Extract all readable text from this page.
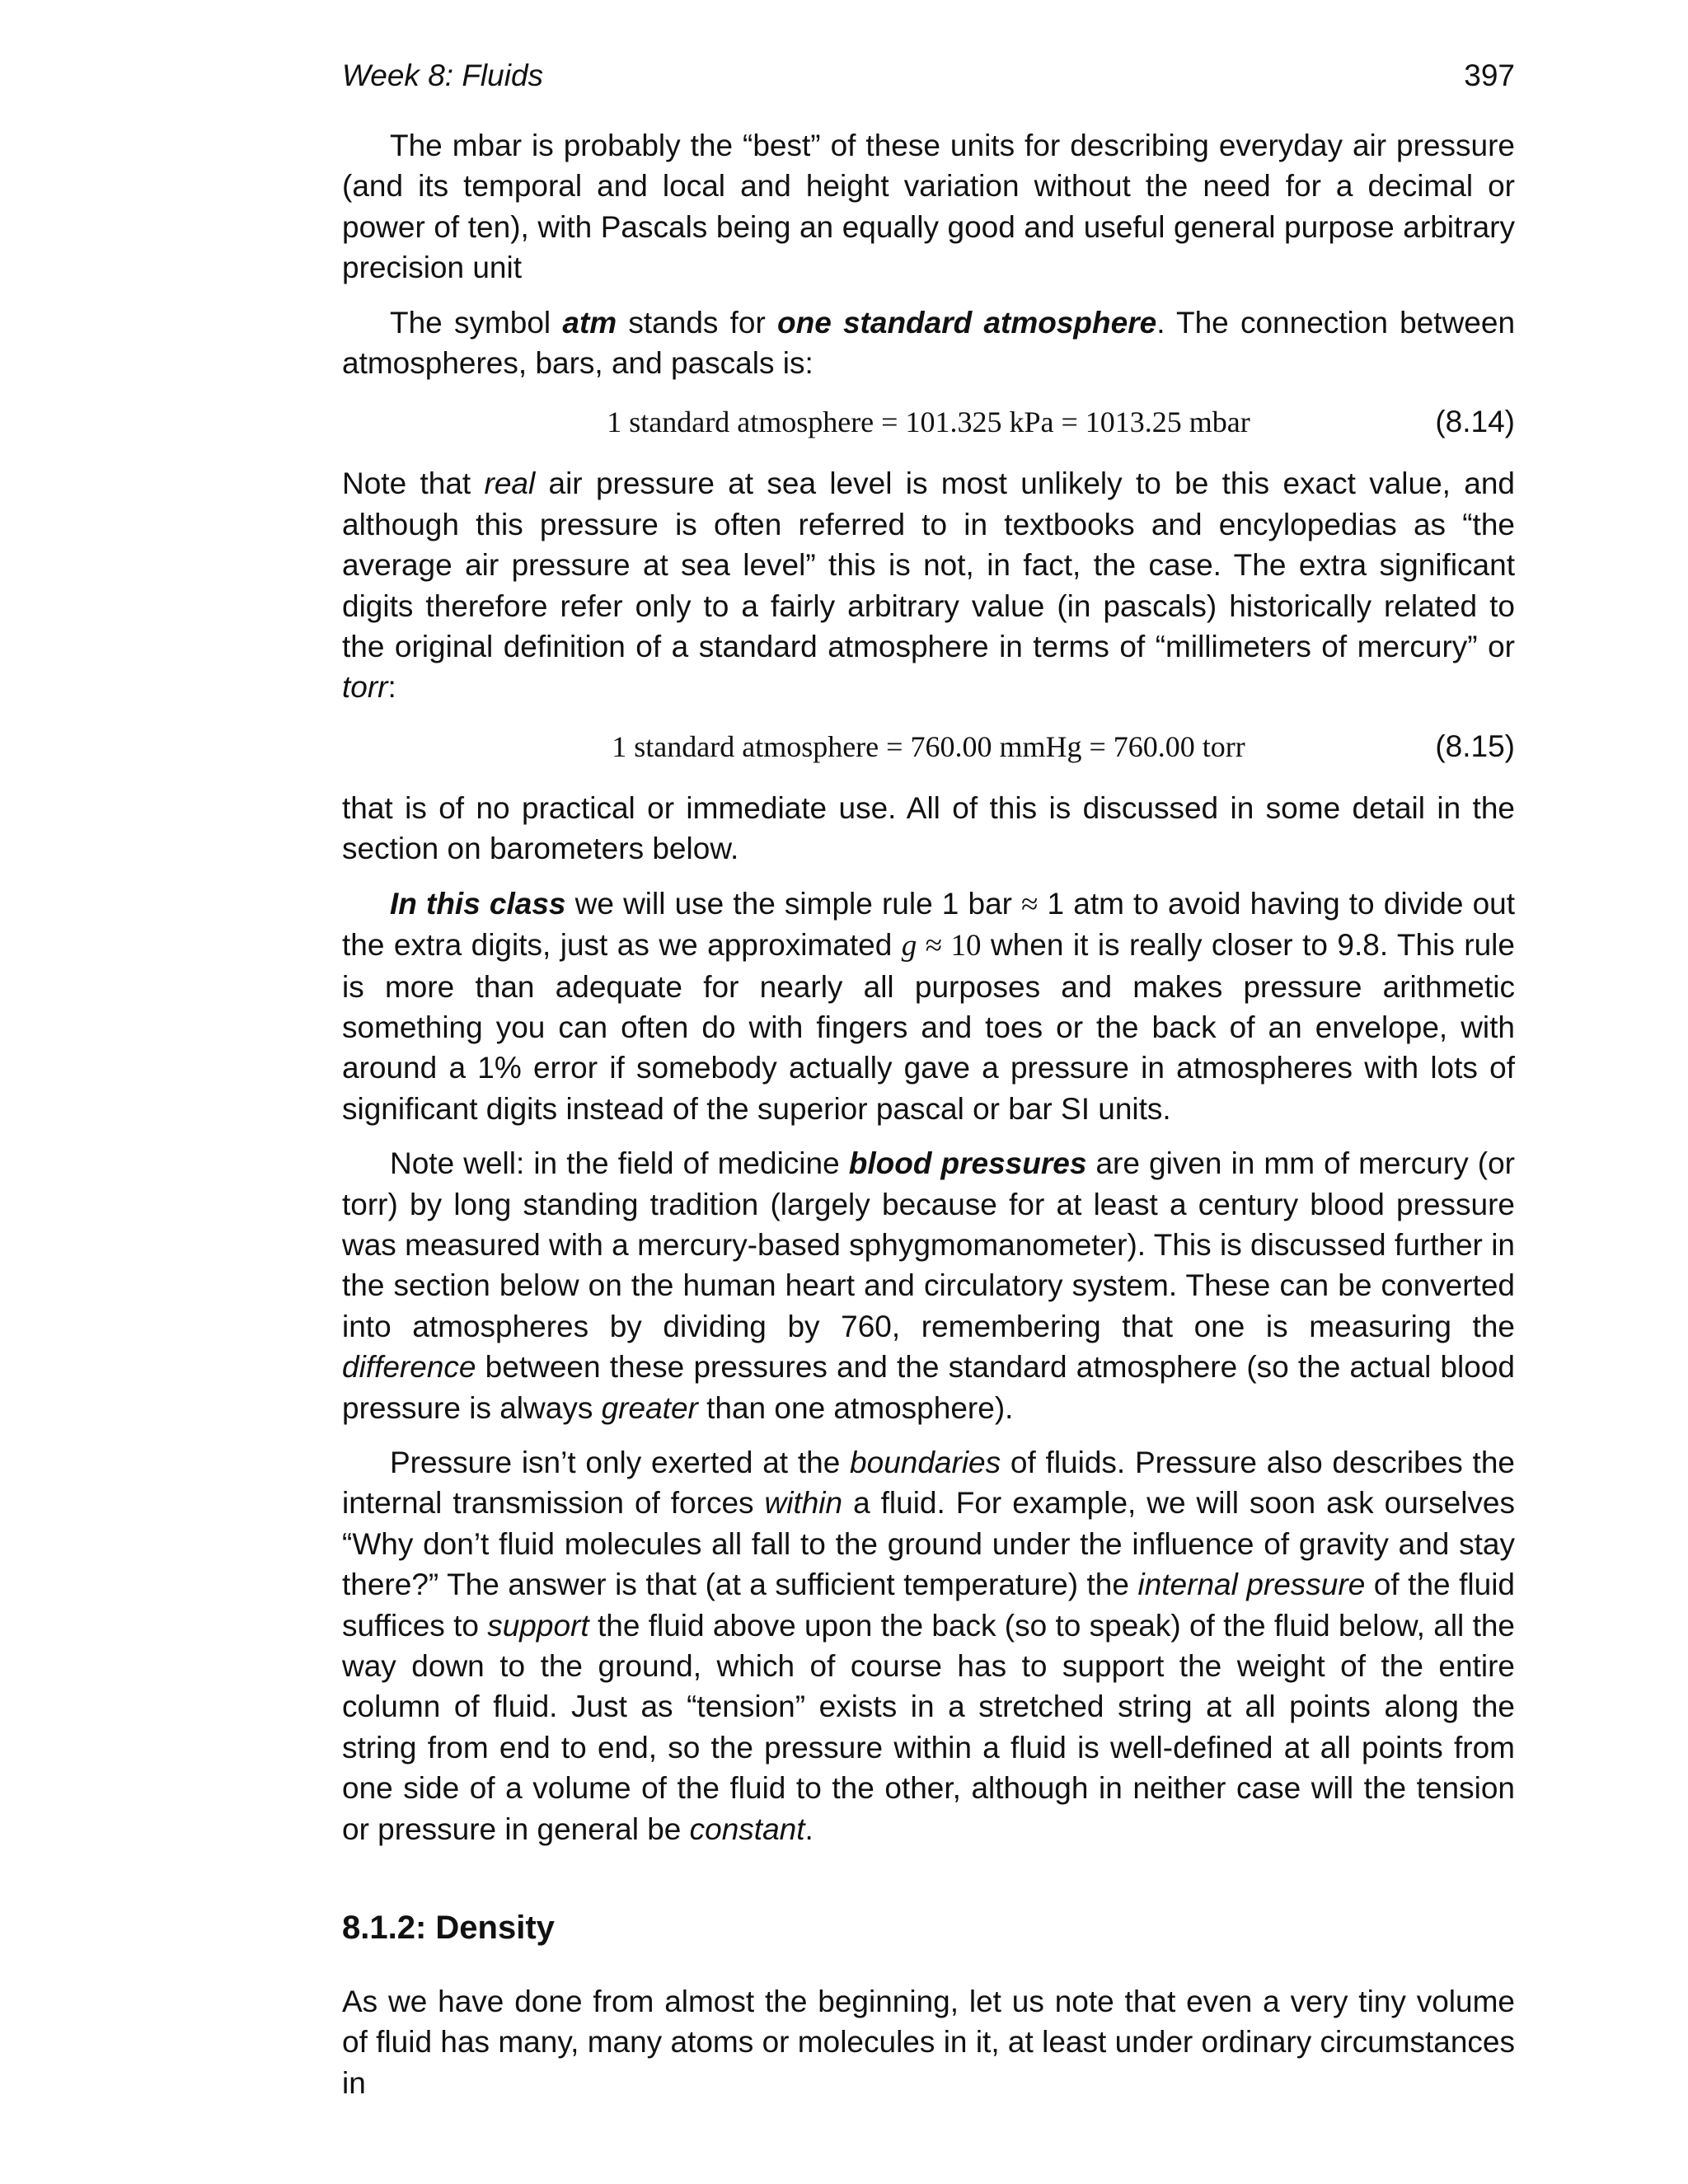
Week 8: Fluids	397

The mbar is probably the “best” of these units for describing everyday air pressure (and its temporal and local and height variation without the need for a decimal or power of ten), with Pascals being an equally good and useful general purpose arbitrary precision unit

The symbol atm stands for one standard atmosphere. The connection between atmospheres, bars, and pascals is:

1 standard atmosphere = 101.325 kPa = 1013.25 mbar	(8.14)

Note that real air pressure at sea level is most unlikely to be this exact value, and although this pressure is often referred to in textbooks and encylopedias as “the average air pressure at sea level” this is not, in fact, the case. The extra significant digits therefore refer only to a fairly arbitrary value (in pascals) historically related to the original definition of a standard atmosphere in terms of “millimeters of mercury” or torr:

1 standard atmosphere = 760.00 mmHg = 760.00 torr	(8.15)

that is of no practical or immediate use. All of this is discussed in some detail in the section on barometers below.

In this class we will use the simple rule 1 bar ≈ 1 atm to avoid having to divide out the extra digits, just as we approximated g ≈ 10 when it is really closer to 9.8. This rule is more than adequate for nearly all purposes and makes pressure arithmetic something you can often do with fingers and toes or the back of an envelope, with around a 1% error if somebody actually gave a pressure in atmospheres with lots of significant digits instead of the superior pascal or bar SI units.

Note well: in the field of medicine blood pressures are given in mm of mercury (or torr) by long standing tradition (largely because for at least a century blood pressure was measured with a mercury-based sphygmomanometer). This is discussed further in the section below on the human heart and circulatory system. These can be converted into atmospheres by dividing by 760, remembering that one is measuring the difference between these pressures and the standard atmosphere (so the actual blood pressure is always greater than one atmosphere).

Pressure isn’t only exerted at the boundaries of fluids. Pressure also describes the internal transmission of forces within a fluid. For example, we will soon ask ourselves “Why don’t fluid molecules all fall to the ground under the influence of gravity and stay there?” The answer is that (at a sufficient temperature) the internal pressure of the fluid suffices to support the fluid above upon the back (so to speak) of the fluid below, all the way down to the ground, which of course has to support the weight of the entire column of fluid. Just as “tension” exists in a stretched string at all points along the string from end to end, so the pressure within a fluid is well-defined at all points from one side of a volume of the fluid to the other, although in neither case will the tension or pressure in general be constant.

8.1.2: Density

As we have done from almost the beginning, let us note that even a very tiny volume of fluid has many, many atoms or molecules in it, at least under ordinary circumstances in
